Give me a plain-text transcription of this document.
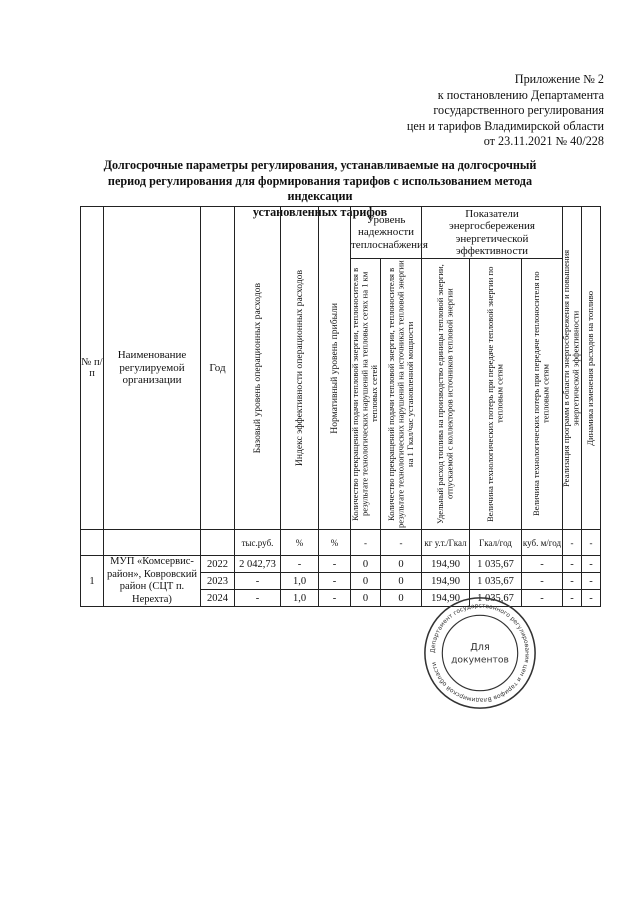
Приложение № 2
к постановлению Департамента
государственного регулирования
цен и тарифов Владимирской области
от 23.11.2021 № 40/228
Долгосрочные параметры регулирования, устанавливаемые на долгосрочный
период регулирования для формирования тарифов с использованием метода индексации
установленных тарифов
№ п/п	Наименование регулируемой организации	Год	Базовый уровень операционных расходов	Индекс эффективности операционных расходов	Нормативный уровень прибыли	Уровень надежности теплоснабжения		Показатели энергосбережения энергетической эффективности			Реализация программ в области энергосбережения и повышения энергетической эффективности	Динамика изменения расходов на топливо

						Количество прекращений подачи тепловой энергии, теплоносителя в результате технологических нарушений на тепловых сетях на 1 км тепловых сетей	Количество прекращений подачи тепловой энергии, теплоносителя в результате технологических нарушений на источниках тепловой энергии на 1 Гкал/час установленной мощности	Удельный расход топлива на производство единицы тепловой энергии, отпускаемой с коллекторов источников тепловой энергии	Величина технологических потерь при передаче тепловой энергии по тепловым сетям	Величина технологических потерь при передаче теплоносителя по тепловым сетям		

			тыс.руб.	%	%	-	-	кг у.т./Гкал	Гкал/год	куб. м/год	-	-
1	МУП «Комсервис-район», Ковровский район (СЦТ п. Нерехта)	2022	2 042,73	-	-	0	0	194,90	1 035,67	-	-	-
		2023	-	1,0	-	0	0	194,90	1 035,67	-	-	-
		2024	-	1,0	-	0	0	194,90	1 035,67	-	-	-
Департамент государственного регулирования цен и тарифов Владимирской области
Для
документов
